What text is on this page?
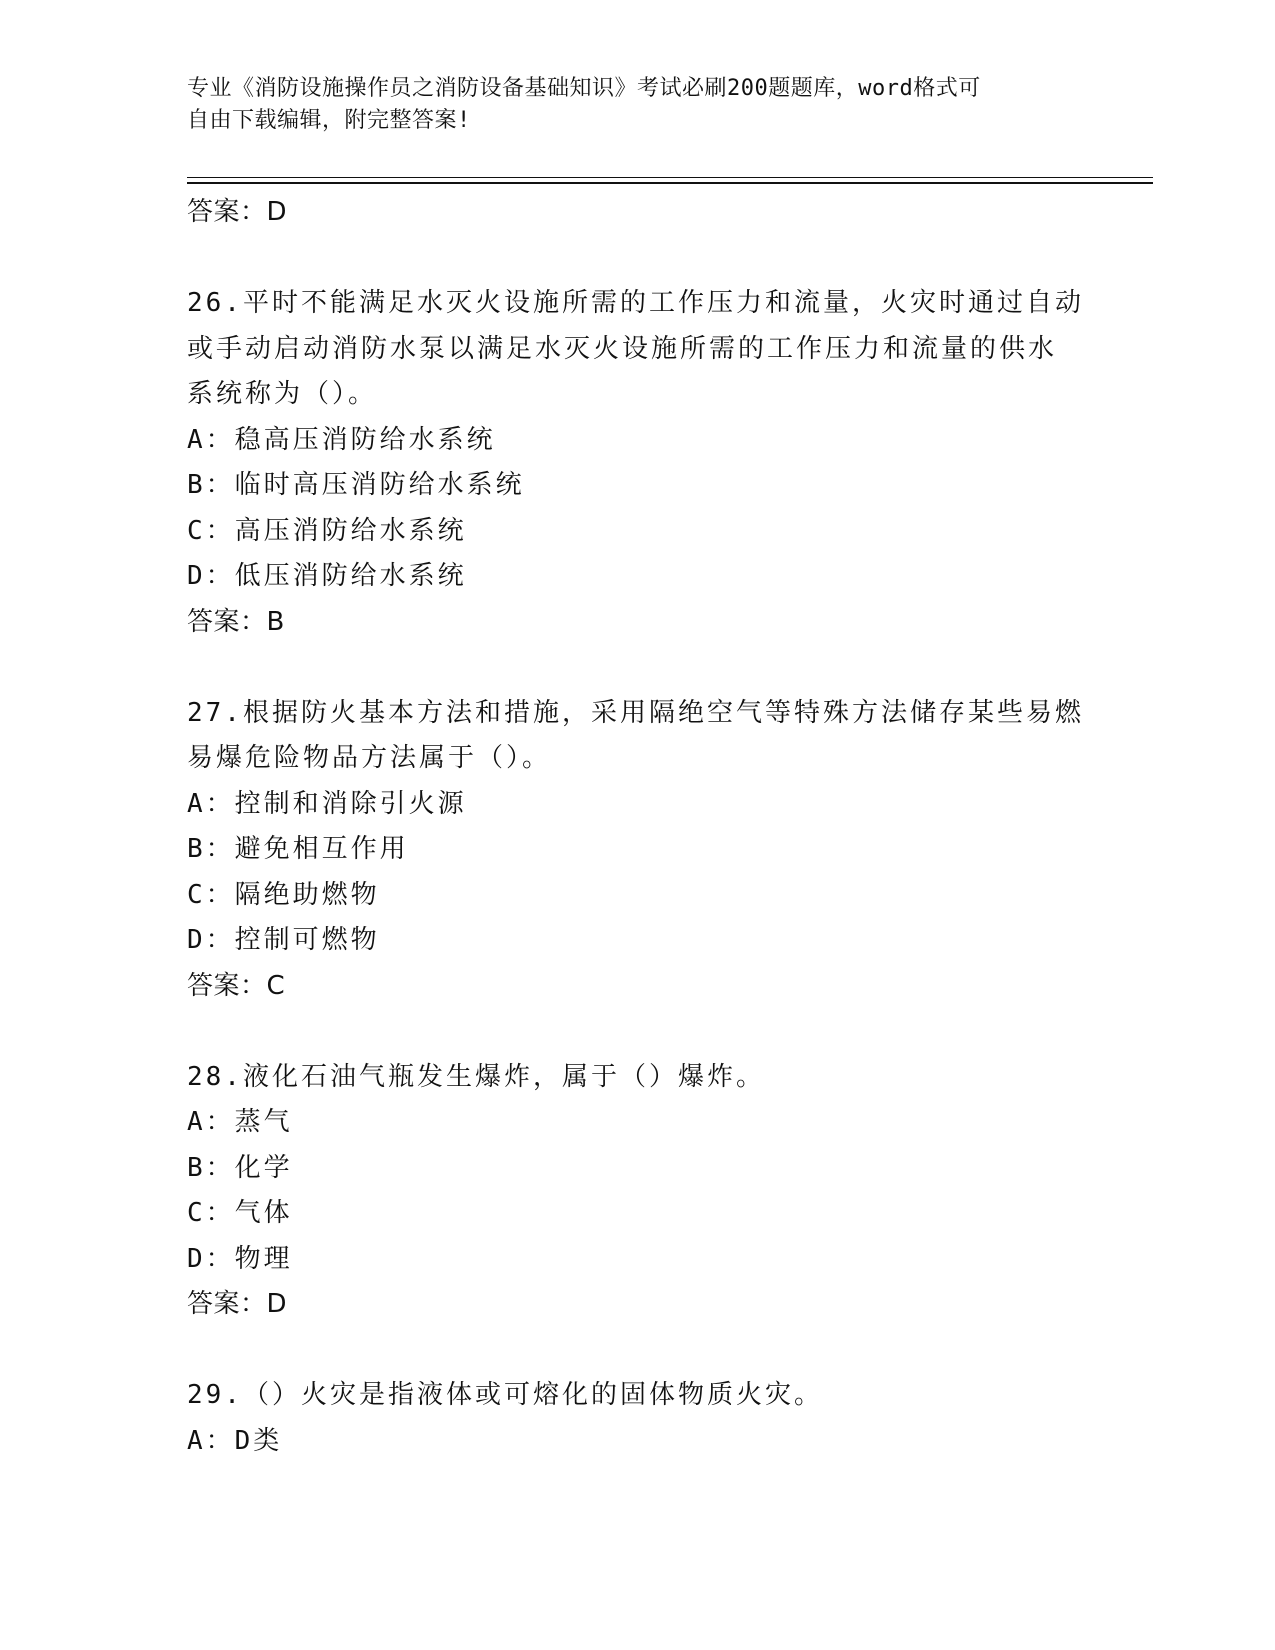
专业《消防设施操作员之消防设备基础知识》考试必刷200题题库，word格式可
自由下载编辑，附完整答案!
答案：D
26.平时不能满足水灭火设施所需的工作压力和流量，火灾时通过自动
或手动启动消防水泵以满足水灭火设施所需的工作压力和流量的供水
系统称为（）。
A：稳高压消防给水系统
B：临时高压消防给水系统
C：高压消防给水系统
D：低压消防给水系统
答案：B
27.根据防火基本方法和措施，采用隔绝空气等特殊方法储存某些易燃
易爆危险物品方法属于（）。
A：控制和消除引火源
B：避免相互作用
C：隔绝助燃物
D：控制可燃物
答案：C
28.液化石油气瓶发生爆炸，属于（）爆炸。
A：蒸气
B：化学
C：气体
D：物理
答案：D
29.（）火灾是指液体或可熔化的固体物质火灾。
A：D类
